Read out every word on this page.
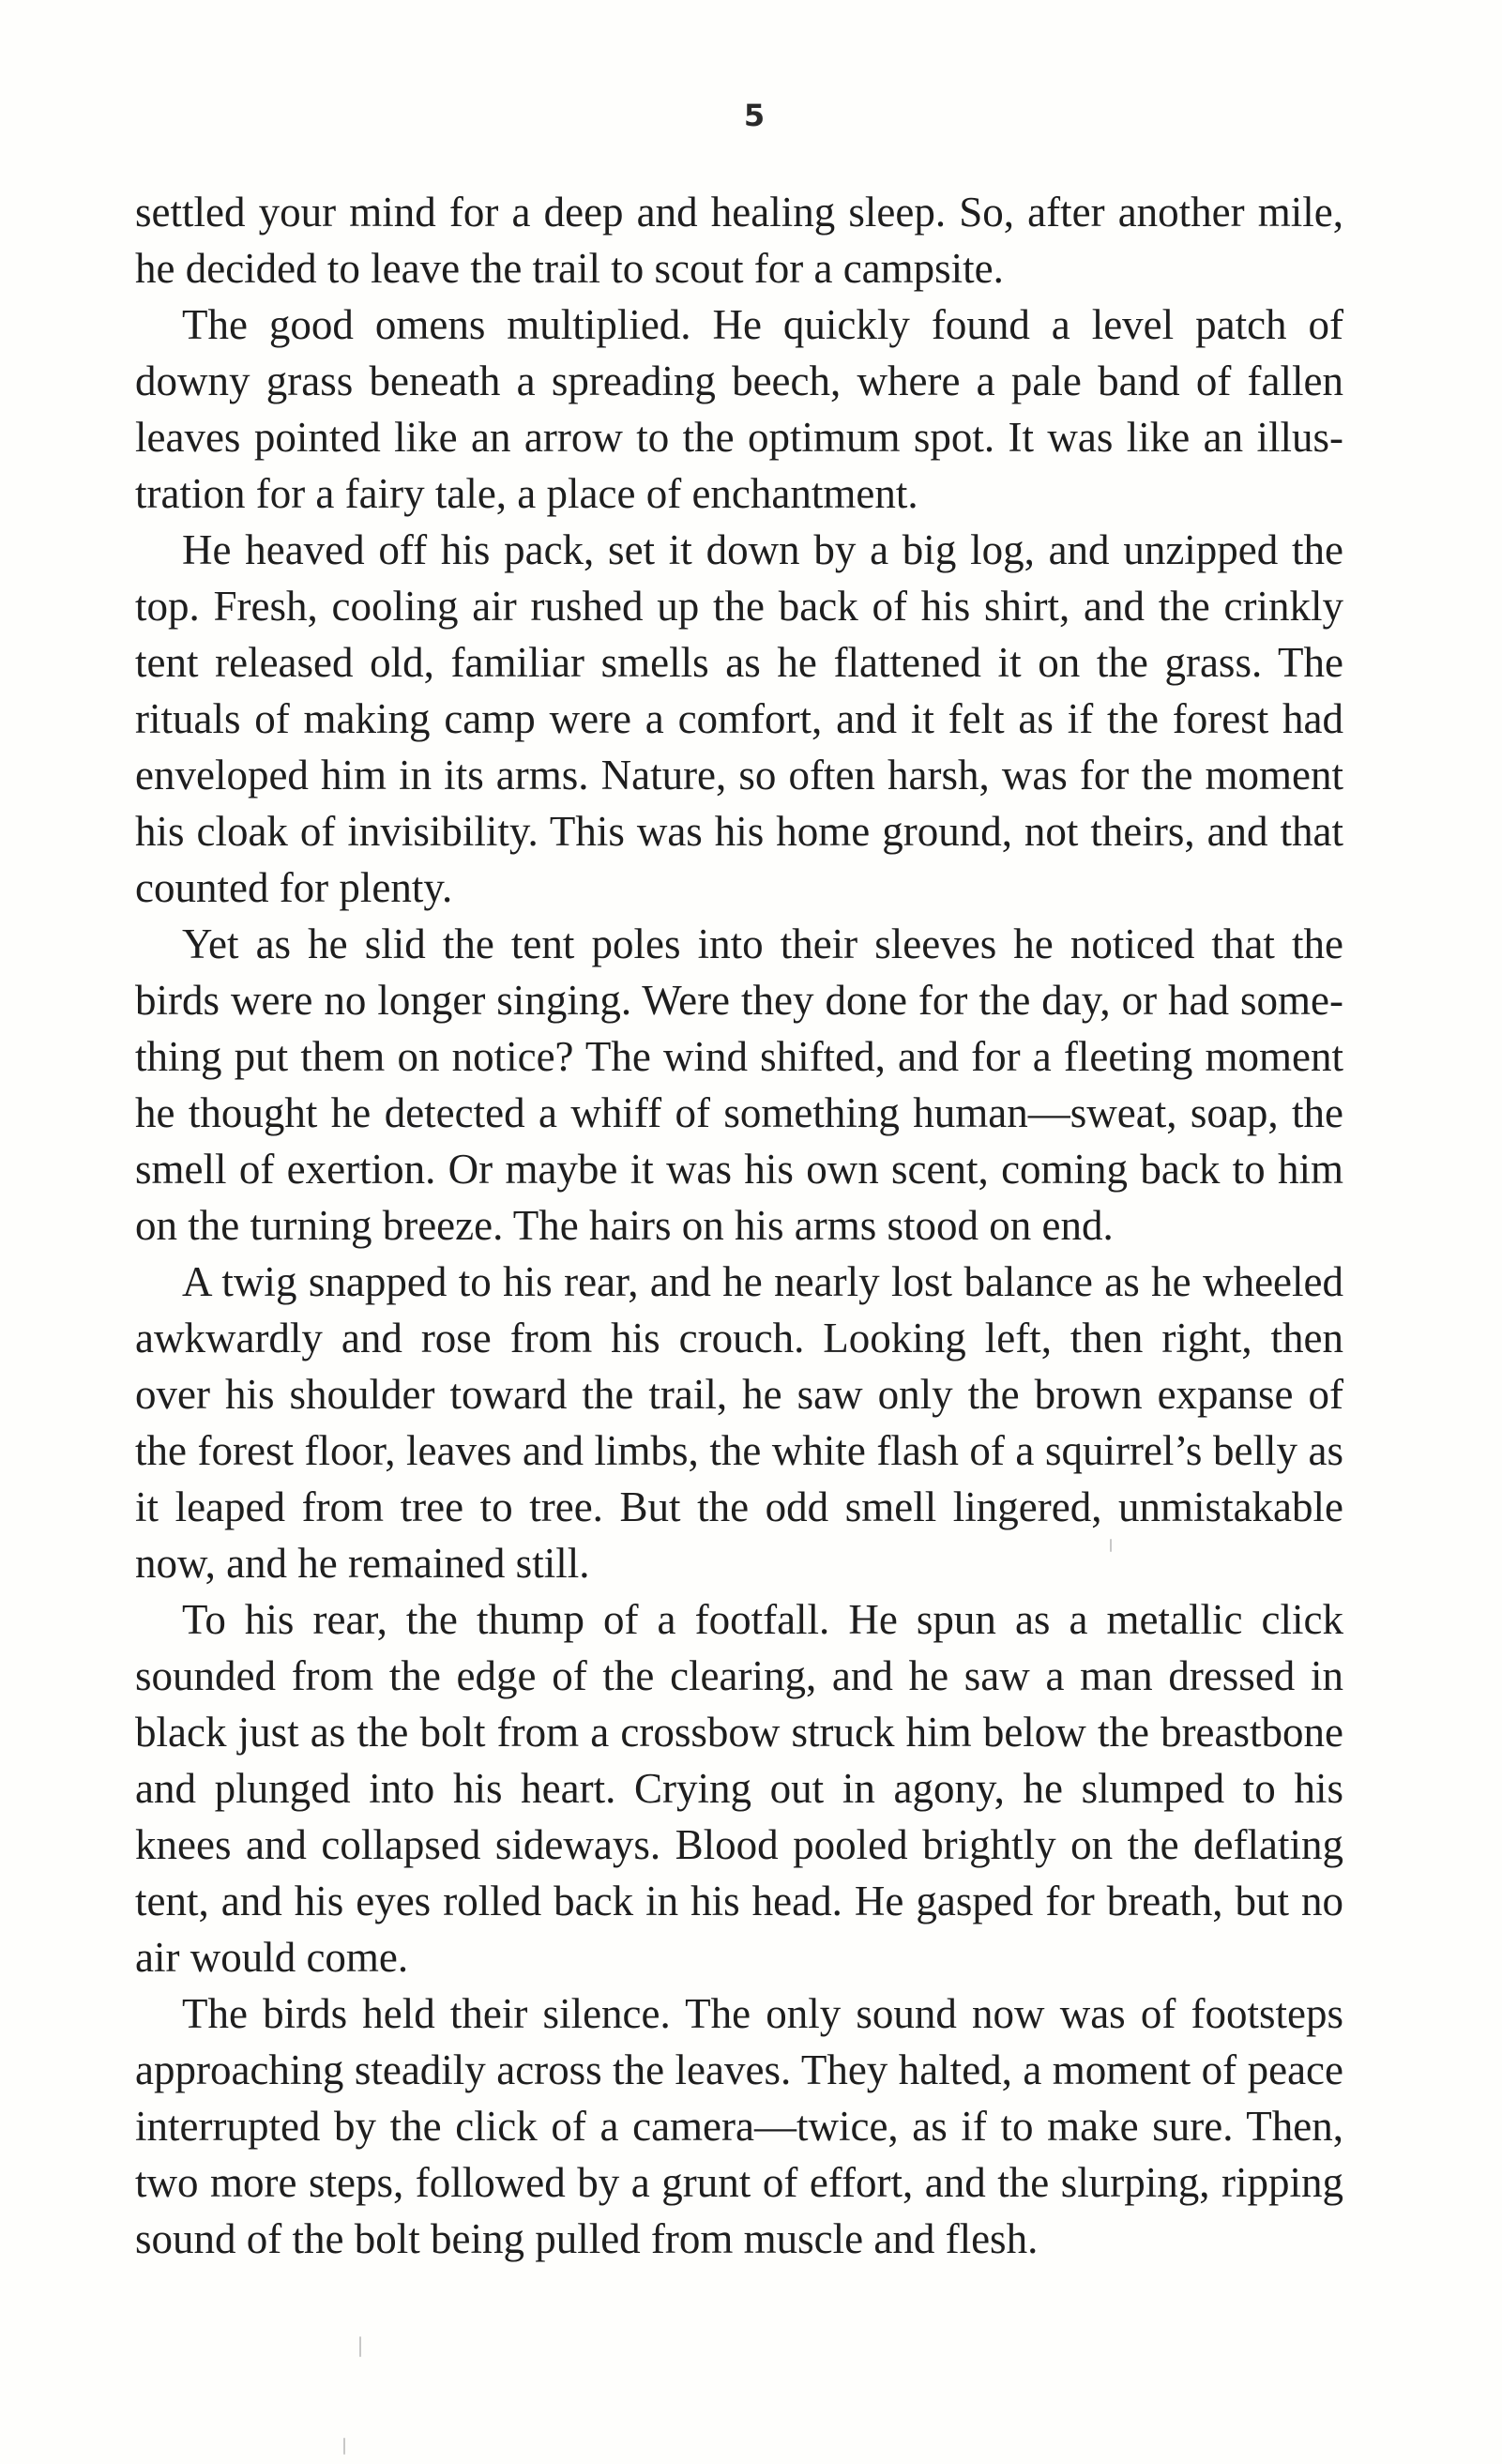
5

settled your mind for a deep and healing sleep. So, after another mile, he decided to leave the trail to scout for a campsite.

The good omens multiplied. He quickly found a level patch of downy grass beneath a spreading beech, where a pale band of fallen leaves pointed like an arrow to the optimum spot. It was like an illustration for a fairy tale, a place of enchantment.

He heaved off his pack, set it down by a big log, and unzipped the top. Fresh, cooling air rushed up the back of his shirt, and the crinkly tent released old, familiar smells as he flattened it on the grass. The rituals of making camp were a comfort, and it felt as if the forest had enveloped him in its arms. Nature, so often harsh, was for the moment his cloak of invisibility. This was his home ground, not theirs, and that counted for plenty.

Yet as he slid the tent poles into their sleeves he noticed that the birds were no longer singing. Were they done for the day, or had something put them on notice? The wind shifted, and for a fleeting moment he thought he detected a whiff of something human—sweat, soap, the smell of exertion. Or maybe it was his own scent, coming back to him on the turning breeze. The hairs on his arms stood on end.

A twig snapped to his rear, and he nearly lost balance as he wheeled awkwardly and rose from his crouch. Looking left, then right, then over his shoulder toward the trail, he saw only the brown expanse of the forest floor, leaves and limbs, the white flash of a squirrel’s belly as it leaped from tree to tree. But the odd smell lingered, unmistakable now, and he remained still.

To his rear, the thump of a footfall. He spun as a metallic click sounded from the edge of the clearing, and he saw a man dressed in black just as the bolt from a crossbow struck him below the breastbone and plunged into his heart. Crying out in agony, he slumped to his knees and collapsed sideways. Blood pooled brightly on the deflating tent, and his eyes rolled back in his head. He gasped for breath, but no air would come.

The birds held their silence. The only sound now was of footsteps approaching steadily across the leaves. They halted, a moment of peace interrupted by the click of a camera—twice, as if to make sure. Then, two more steps, followed by a grunt of effort, and the slurping, ripping sound of the bolt being pulled from muscle and flesh.
